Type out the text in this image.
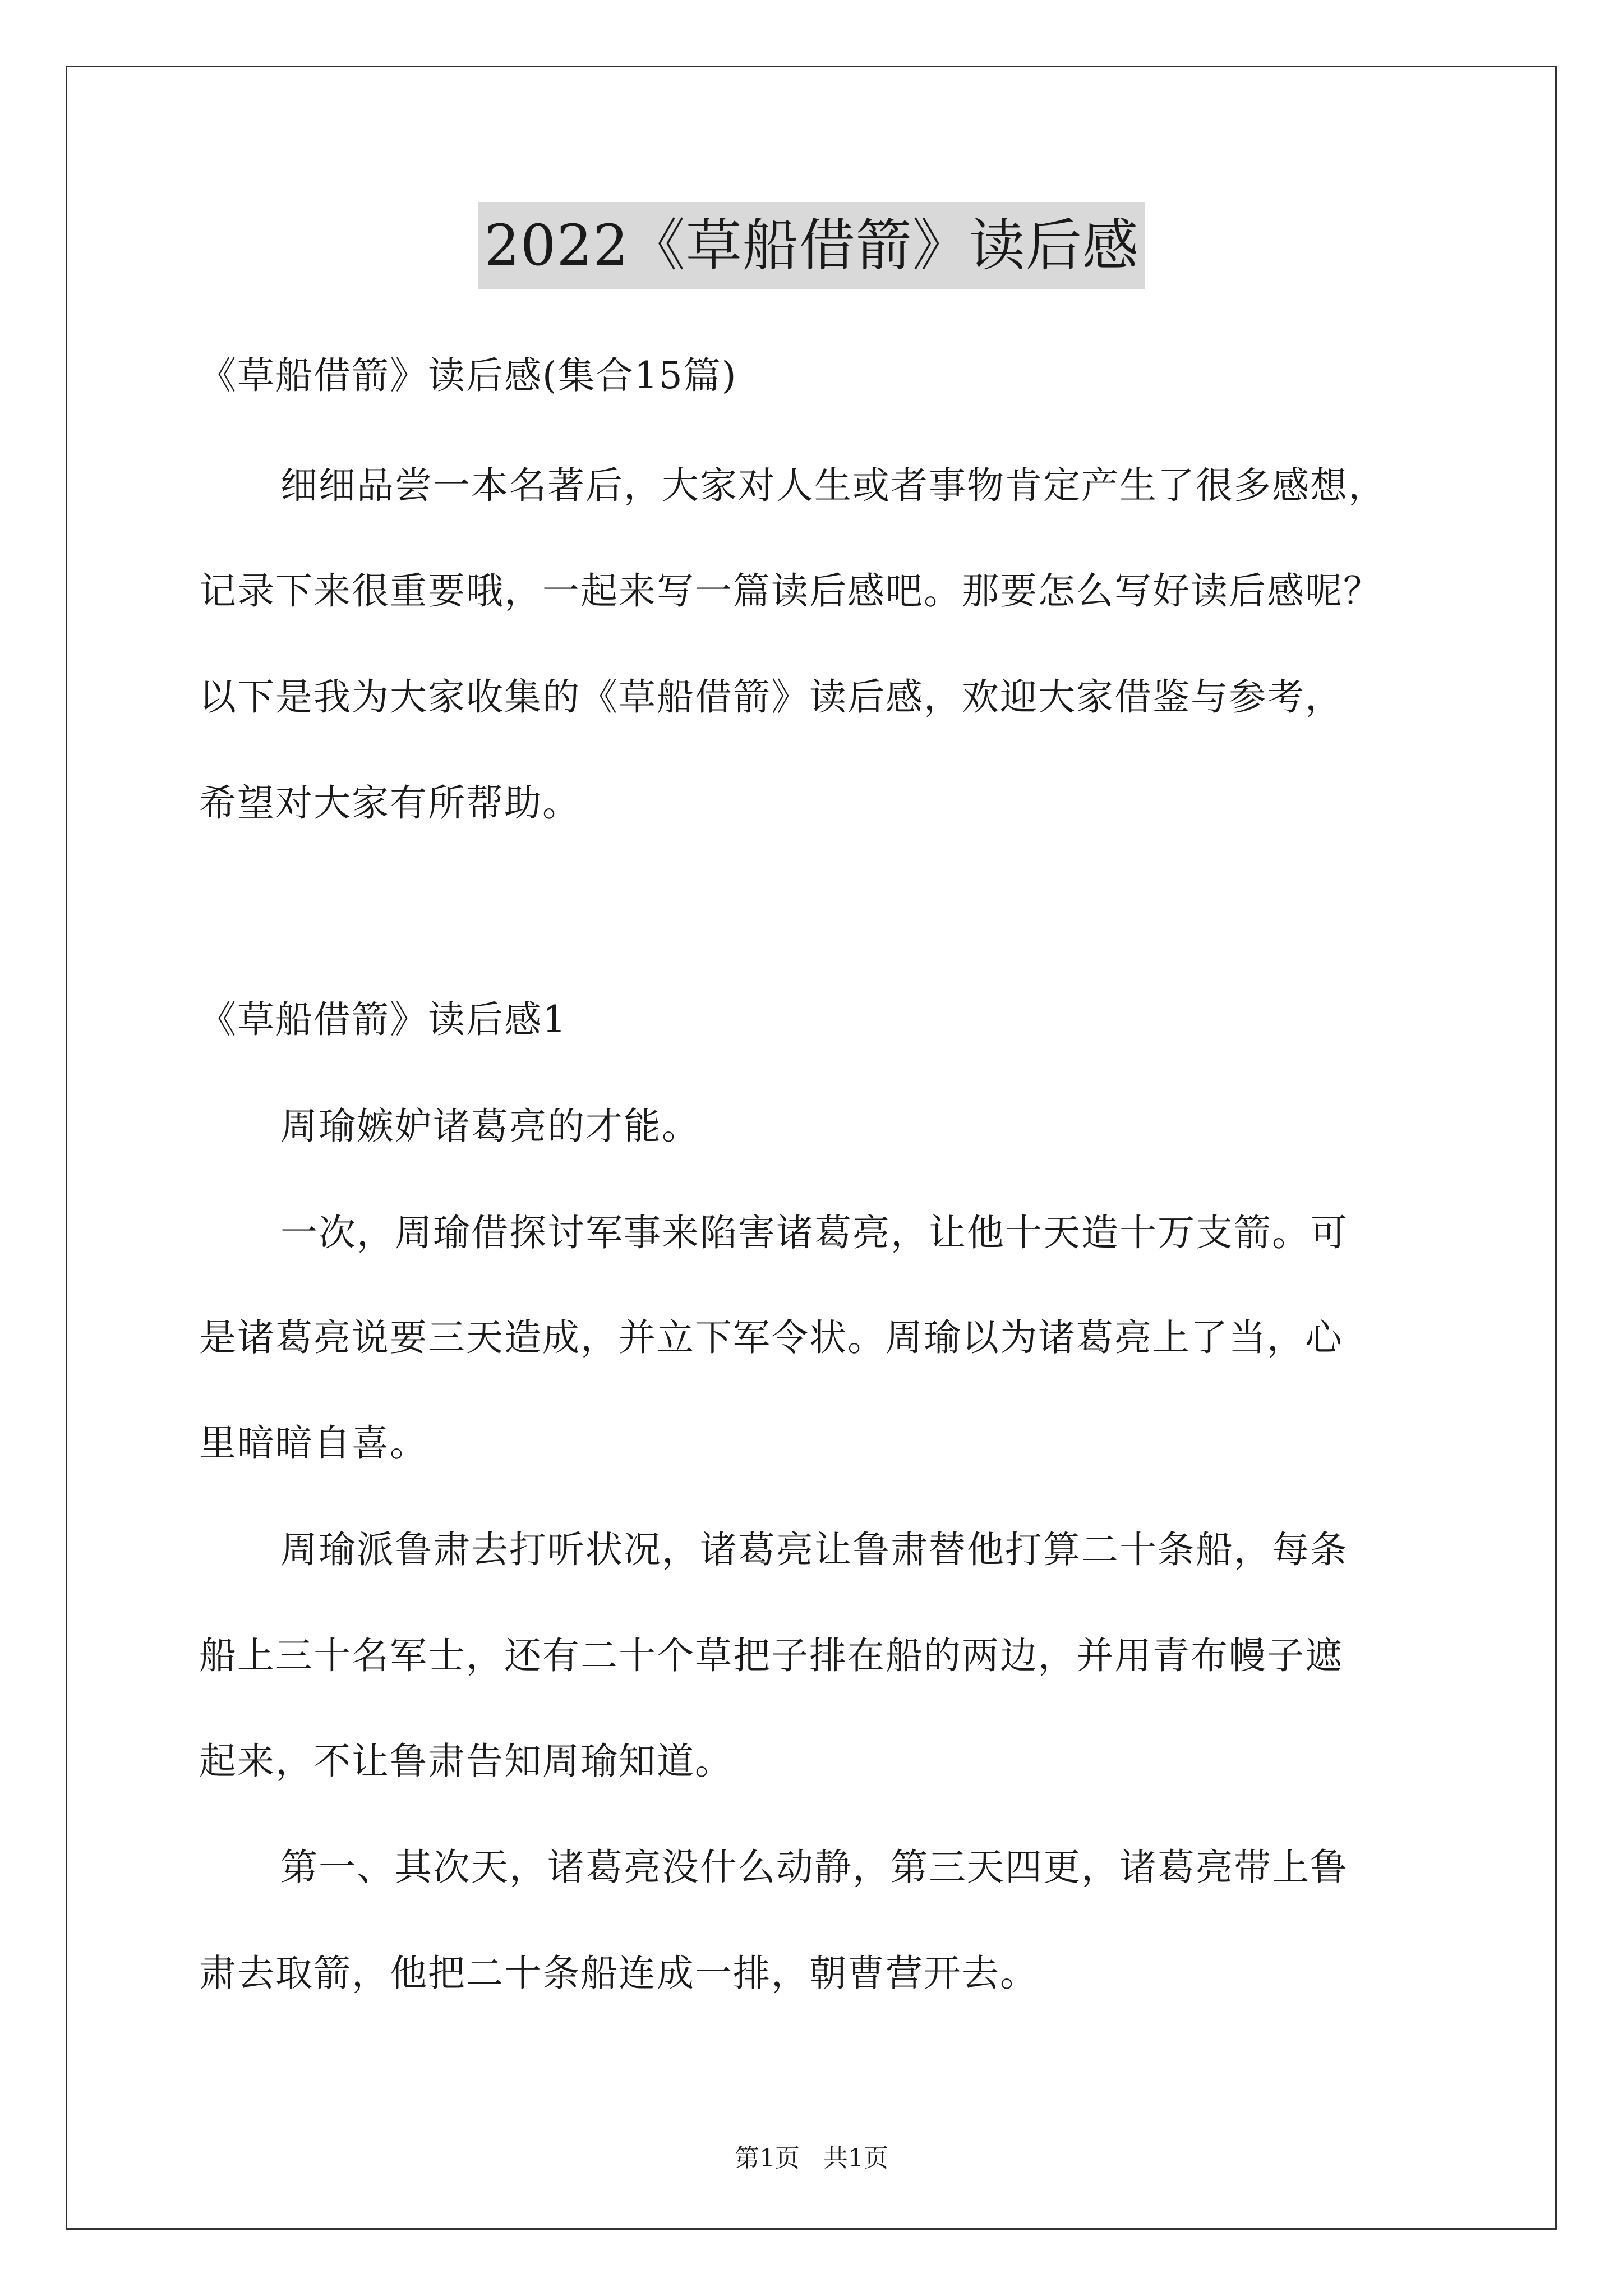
2022《草船借箭》读后感
《草船借箭》读后感(集合15篇)
细细品尝一本名著后，大家对人生或者事物肯定产生了很多感想，
记录下来很重要哦，一起来写一篇读后感吧。那要怎么写好读后感呢？
以下是我为大家收集的《草船借箭》读后感，欢迎大家借鉴与参考，
希望对大家有所帮助。
《草船借箭》读后感1
周瑜嫉妒诸葛亮的才能。
一次，周瑜借探讨军事来陷害诸葛亮，让他十天造十万支箭。可
是诸葛亮说要三天造成，并立下军令状。周瑜以为诸葛亮上了当，心
里暗暗自喜。
周瑜派鲁肃去打听状况，诸葛亮让鲁肃替他打算二十条船，每条
船上三十名军士，还有二十个草把子排在船的两边，并用青布幔子遮
起来，不让鲁肃告知周瑜知道。
第一、其次天，诸葛亮没什么动静，第三天四更，诸葛亮带上鲁
肃去取箭，他把二十条船连成一排，朝曹营开去。
第1页   共1页
